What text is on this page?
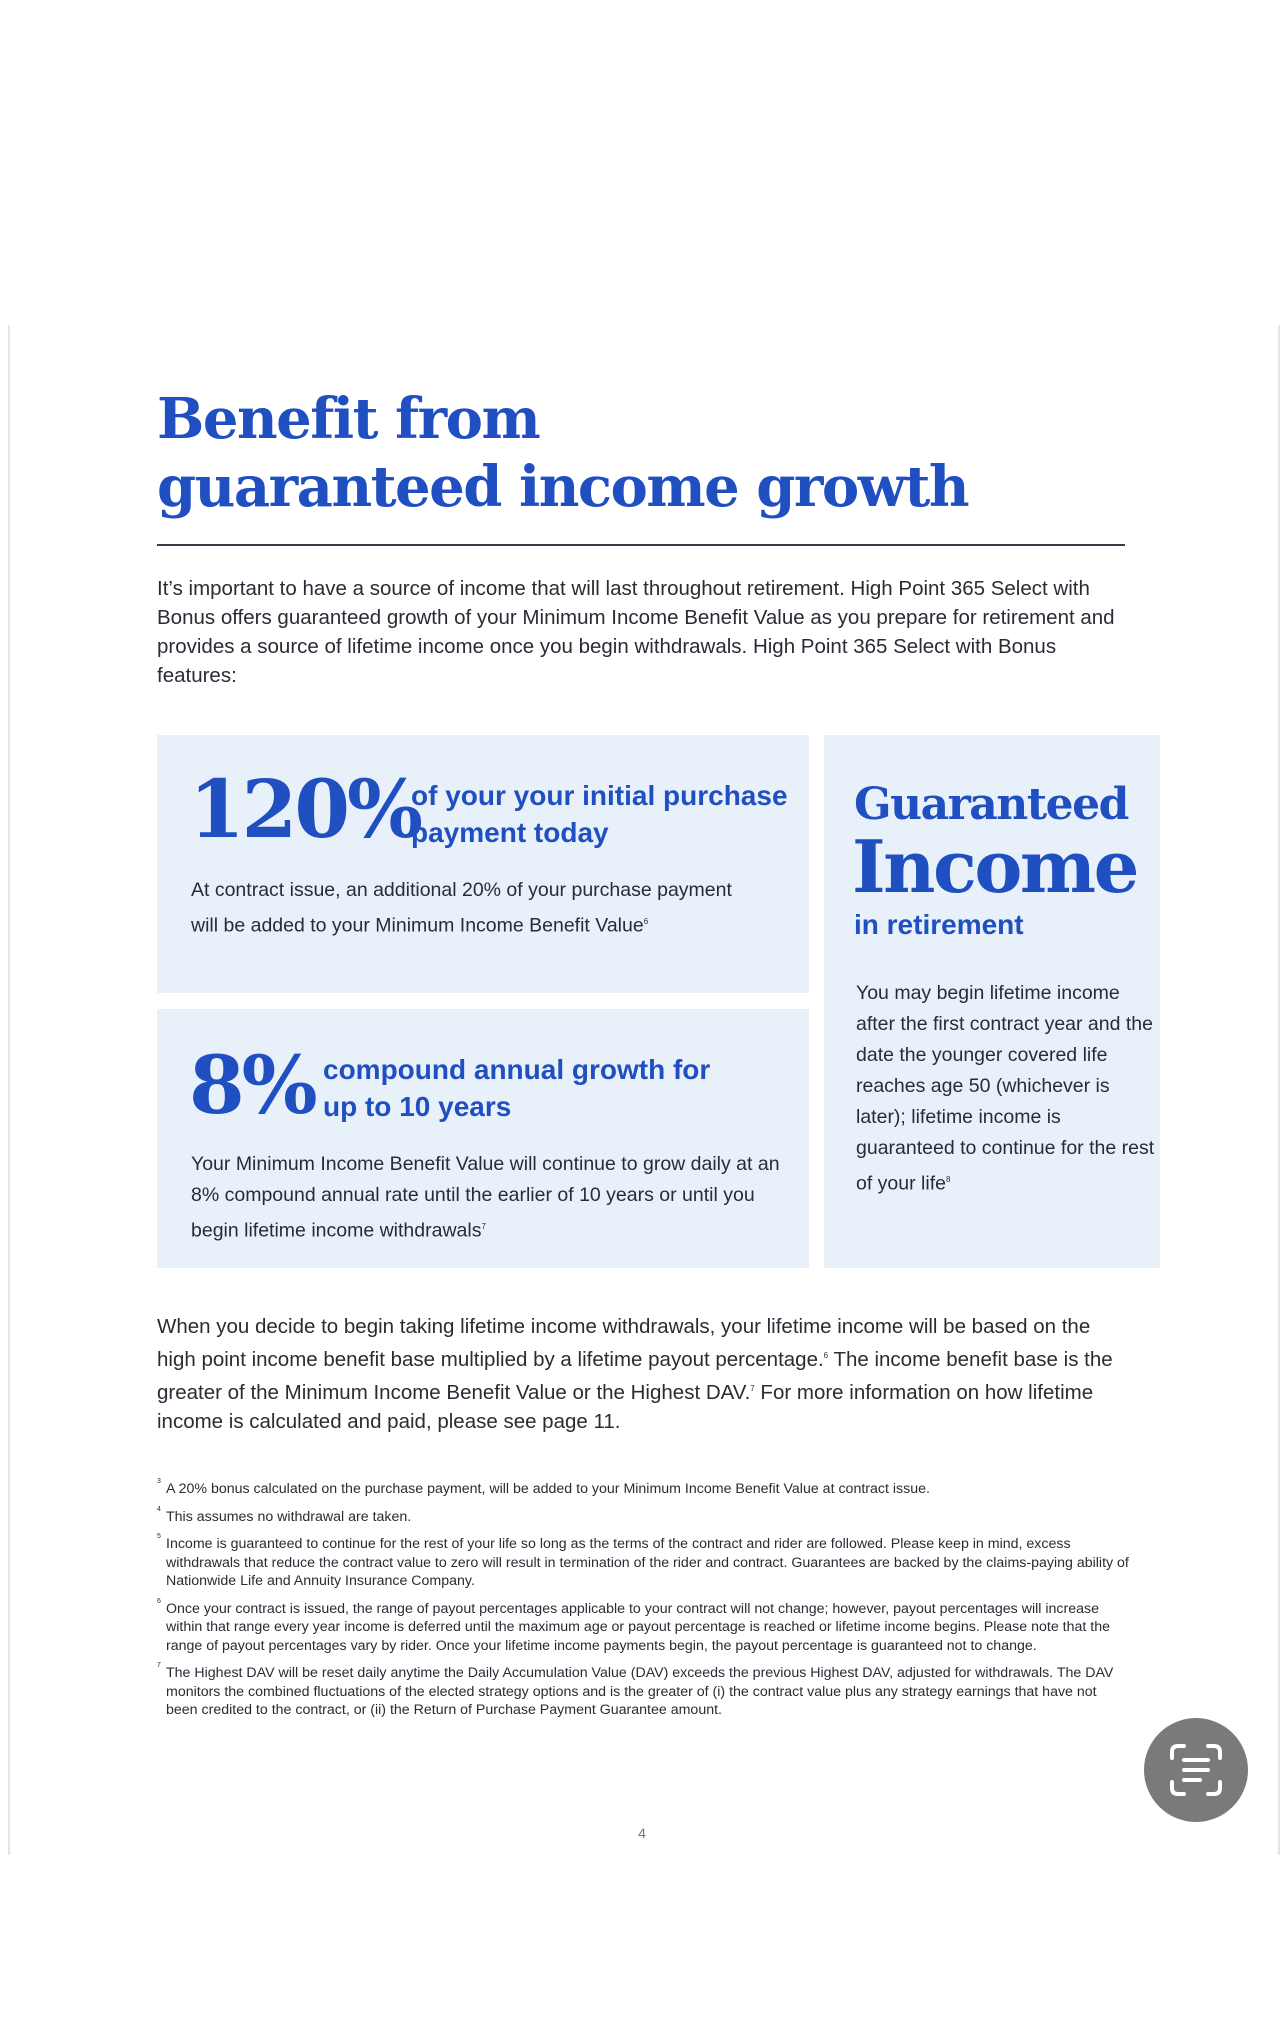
Benefit from
guaranteed income growth

It’s important to have a source of income that will last throughout retirement. High Point 365 Select with Bonus offers guaranteed growth of your Minimum Income Benefit Value as you prepare for retirement and provides a source of lifetime income once you begin withdrawals. High Point 365 Select with Bonus features:

120%
of your your initial purchase payment today
At contract issue, an additional 20% of your purchase payment will be added to your Minimum Income Benefit Value$^6$
8% compound annual growth for up to 10 years
Your Minimum Income Benefit Value will continue to grow daily at an 8% compound annual rate until the earlier of 10 years or until you begin lifetime income withdrawals$^7$
Guaranteed
Income
in retirement
You may begin lifetime income after the first contract year and the date the younger covered life reaches age 50 (whichever is later); lifetime income is guaranteed to continue for the rest of your life$^8$

When you decide to begin taking lifetime income withdrawals, your lifetime income will be based on the high point income benefit base multiplied by a lifetime payout percentage.$^6$ The income benefit base is the greater of the Minimum Income Benefit Value or the Highest DAV.$^7$ For more information on how lifetime income is calculated and paid, please see page 11.

3 A 20% bonus calculated on the purchase payment, will be added to your Minimum Income Benefit Value at contract issue.
4 This assumes no withdrawal are taken.
5 Income is guaranteed to continue for the rest of your life so long as the terms of the contract and rider are followed. Please keep in mind, excess withdrawals that reduce the contract value to zero will result in termination of the rider and contract. Guarantees are backed by the claims-paying ability of Nationwide Life and Annuity Insurance Company.
6 Once your contract is issued, the range of payout percentages applicable to your contract will not change; however, payout percentages will increase within that range every year income is deferred until the maximum age or payout percentage is reached or lifetime income begins. Please note that the range of payout percentages vary by rider. Once your lifetime income payments begin, the payout percentage is guaranteed not to change.
7 The Highest DAV will be reset daily anytime the Daily Accumulation Value (DAV) exceeds the previous Highest DAV, adjusted for withdrawals. The DAV monitors the combined fluctuations of the elected strategy options and is the greater of (i) the contract value plus any strategy earnings that have not been credited to the contract, or (ii) the Return of Purchase Payment Guarantee amount.
4
